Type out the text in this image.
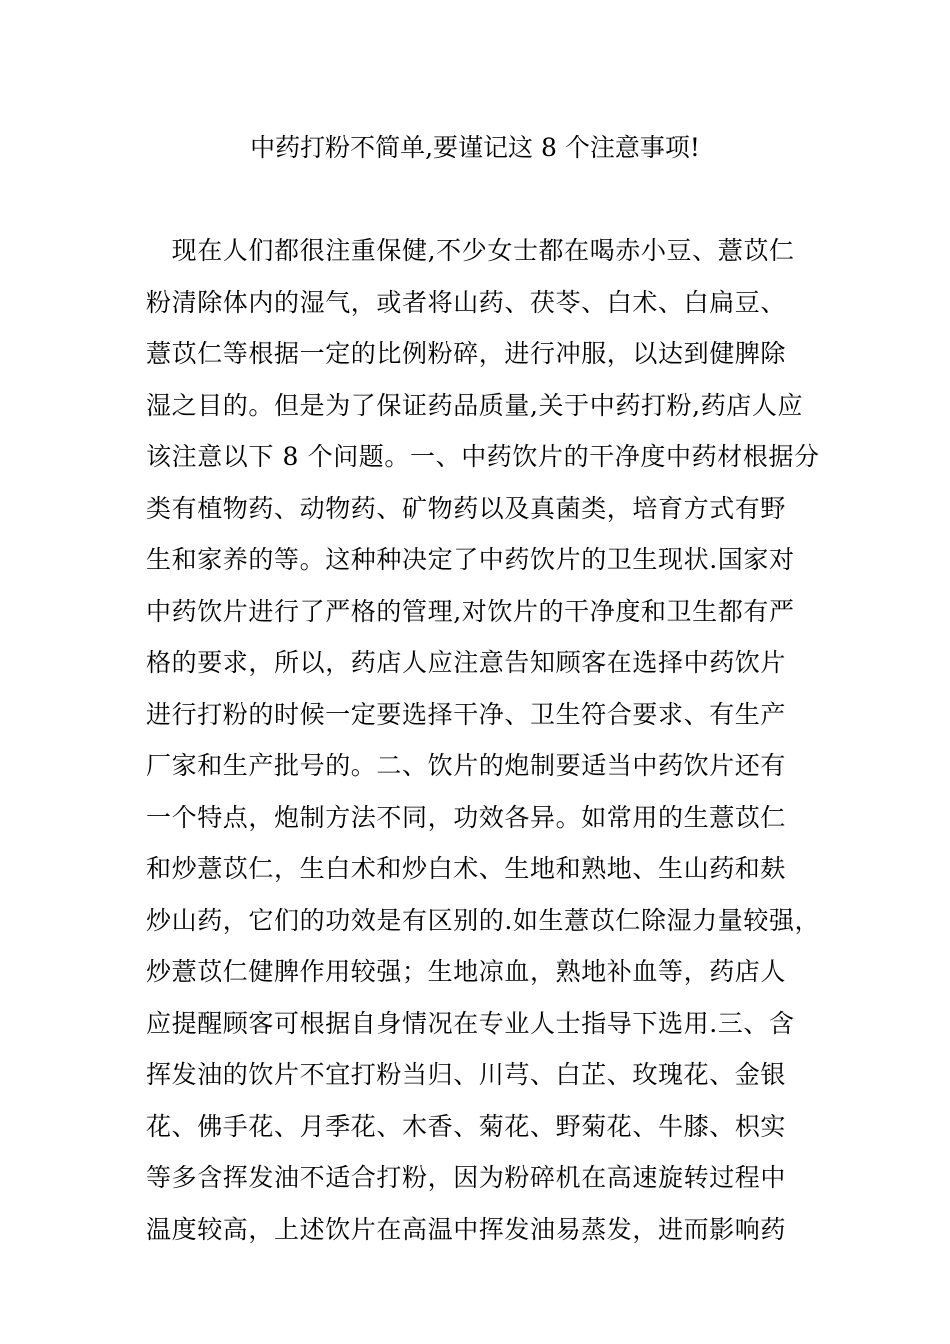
中药打粉不简单,要谨记这 8 个注意事项!
　现在人们都很注重保健,不少女士都在喝赤小豆、薏苡仁
粉清除体内的湿气，或者将山药、茯苓、白术、白扁豆、
薏苡仁等根据一定的比例粉碎，进行冲服，以达到健脾除
湿之目的。但是为了保证药品质量,关于中药打粉,药店人应
该注意以下 8 个问题。一、中药饮片的干净度中药材根据分
类有植物药、动物药、矿物药以及真菌类，培育方式有野
生和家养的等。这种种决定了中药饮片的卫生现状.国家对
中药饮片进行了严格的管理,对饮片的干净度和卫生都有严
格的要求，所以，药店人应注意告知顾客在选择中药饮片
进行打粉的时候一定要选择干净、卫生符合要求、有生产
厂家和生产批号的。二、饮片的炮制要适当中药饮片还有
一个特点，炮制方法不同，功效各异。如常用的生薏苡仁
和炒薏苡仁，生白术和炒白术、生地和熟地、生山药和麸
炒山药，它们的功效是有区别的.如生薏苡仁除湿力量较强，
炒薏苡仁健脾作用较强；生地凉血，熟地补血等，药店人
应提醒顾客可根据自身情况在专业人士指导下选用.三、含
挥发油的饮片不宜打粉当归、川芎、白芷、玫瑰花、金银
花、佛手花、月季花、木香、菊花、野菊花、牛膝、枳实
等多含挥发油不适合打粉，因为粉碎机在高速旋转过程中
温度较高，上述饮片在高温中挥发油易蒸发，进而影响药
